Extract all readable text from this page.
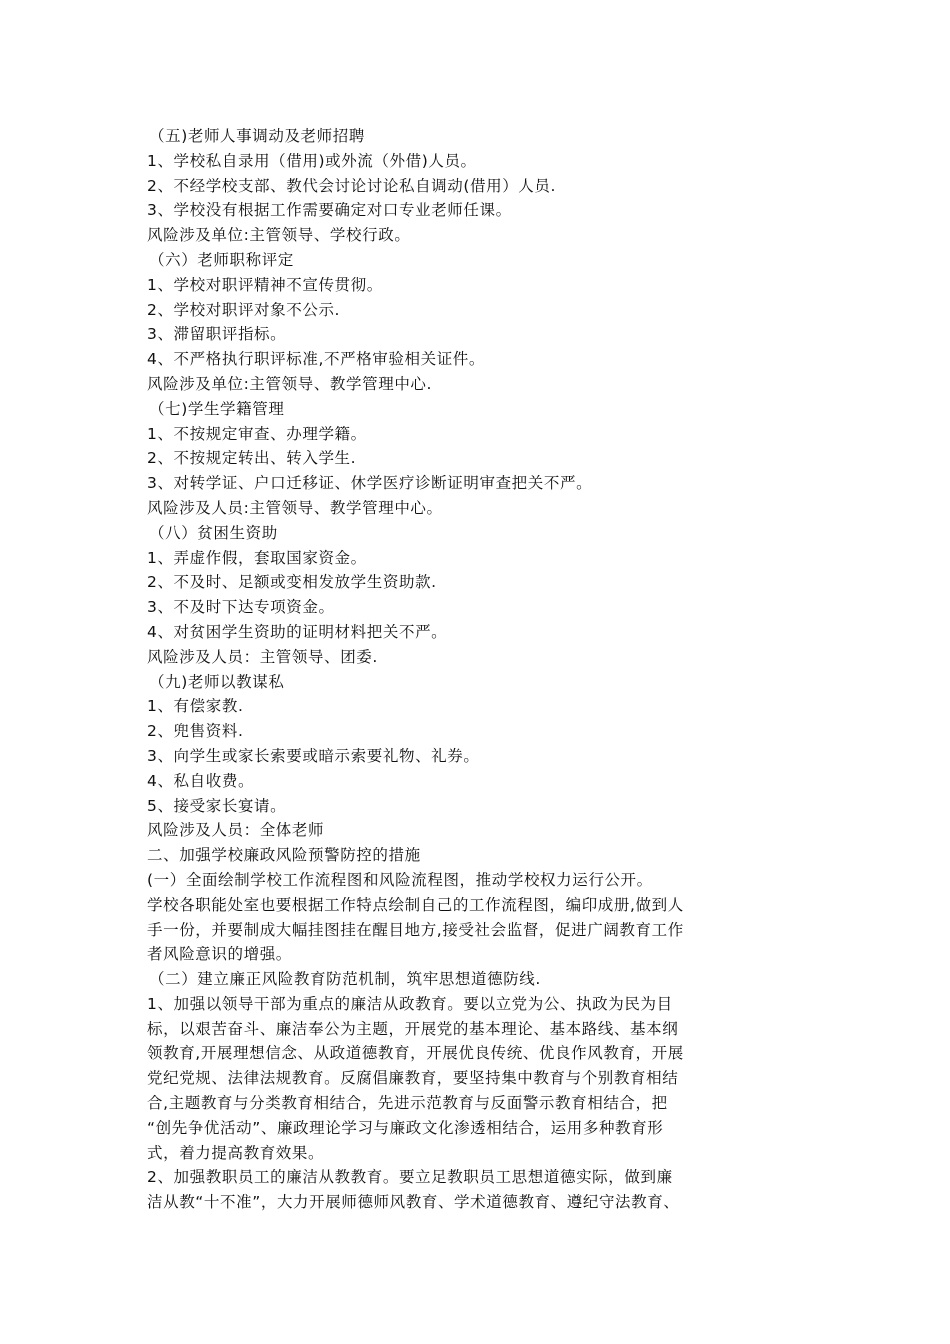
（五)老师人事调动及老师招聘
1、学校私自录用（借用)或外流（外借)人员。
2、不经学校支部、教代会讨论讨论私自调动(借用）人员.
3、学校没有根据工作需要确定对口专业老师任课。
风险涉及单位:主管领导、学校行政。
（六）老师职称评定
1、学校对职评精神不宣传贯彻。
2、学校对职评对象不公示.
3、滞留职评指标。
4、不严格执行职评标准,不严格审验相关证件。
风险涉及单位:主管领导、教学管理中心.
（七)学生学籍管理
1、不按规定审查、办理学籍。
2、不按规定转出、转入学生.
3、对转学证、户口迁移证、休学医疗诊断证明审查把关不严。
风险涉及人员:主管领导、教学管理中心。
（八）贫困生资助
1、弄虚作假，套取国家资金。
2、不及时、足额或变相发放学生资助款.
3、不及时下达专项资金。
4、对贫困学生资助的证明材料把关不严。
风险涉及人员：主管领导、团委.
（九)老师以教谋私
1、有偿家教.
2、兜售资料.
3、向学生或家长索要或暗示索要礼物、礼券。
4、私自收费。
5、接受家长宴请。
风险涉及人员：全体老师
二、加强学校廉政风险预警防控的措施
(一）全面绘制学校工作流程图和风险流程图，推动学校权力运行公开。
学校各职能处室也要根据工作特点绘制自己的工作流程图，编印成册,做到人
手一份，并要制成大幅挂图挂在醒目地方,接受社会监督，促进广阔教育工作
者风险意识的增强。
（二）建立廉正风险教育防范机制，筑牢思想道德防线.
1、加强以领导干部为重点的廉洁从政教育。要以立党为公、执政为民为目
标，以艰苦奋斗、廉洁奉公为主题，开展党的基本理论、基本路线、基本纲
领教育,开展理想信念、从政道德教育，开展优良传统、优良作风教育，开展
党纪党规、法律法规教育。反腐倡廉教育，要坚持集中教育与个别教育相结
合,主题教育与分类教育相结合，先进示范教育与反面警示教育相结合，把
“创先争优活动”、廉政理论学习与廉政文化渗透相结合，运用多种教育形
式，着力提高教育效果。
2、加强教职员工的廉洁从教教育。要立足教职员工思想道德实际，做到廉
洁从教“十不准”，大力开展师德师风教育、学术道德教育、遵纪守法教育、
